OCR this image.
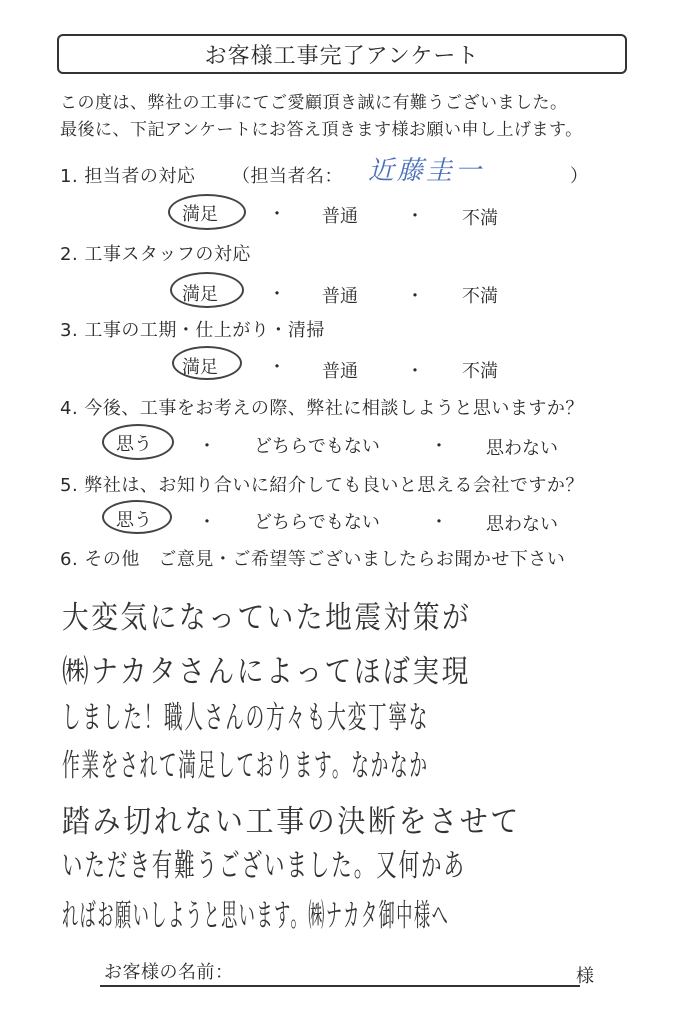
お客様工事完了アンケート
この度は、弊社の工事にてご愛顧頂き誠に有難うございました。
最後に、下記アンケートにお答え頂きます様お願い申し上げます。
1. 担当者の対応 （担当者名： 近藤圭一	）
満足	・ 普通	・ 不満
2. 工事スタッフの対応
満足	・ 普通	・ 不満
3. 工事の工期・仕上がり・清掃
満足	・ 普通	・ 不満
4. 今後、工事をお考えの際、弊社に相談しようと思いますか？
思う	・ どちらでもない	・ 思わない
5. 弊社は、お知り合いに紹介しても良いと思える会社ですか？
思う	・ どちらでもない	・ 思わない
6. その他　ご意見・ご希望等ございましたらお聞かせ下さい
大変気になっていた地震対策が
㈱ナカタさんによってほぼ実現
しました！職人さんの方々も大変丁寧な
作業をされて満足しております。なかなか
踏み切れない工事の決断をさせて
いただき有難うございました。又何かあ
ればお願いしようと思います。㈱ナカタ御中様へ
お客様の名前：	様
